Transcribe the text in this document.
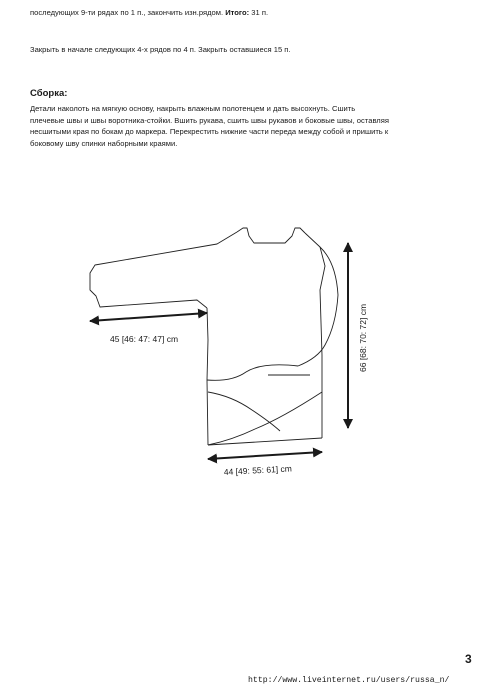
последующих 9-ти рядах по 1 п., закончить изн.рядом. Итого: 31 п.
Закрыть в начале следующих 4-х рядов по 4 п. Закрыть оставшиеся 15 п.
Сборка:
Детали наколоть на мягкую основу, накрыть влажным полотенцем и дать высохнуть. Сшить
плечевые швы и швы воротника-стойки. Вшить рукава, сшить швы рукавов и боковые швы, оставляя
несшитыми края по бокам до маркера. Перекрестить нижние части переда между собой и пришить к
боковому шву спинки наборными краями.
45 [46: 47: 47] cm
44 [49: 55: 61] cm
66 [68: 70: 72] cm
3
http://www.liveinternet.ru/users/russa_n/
